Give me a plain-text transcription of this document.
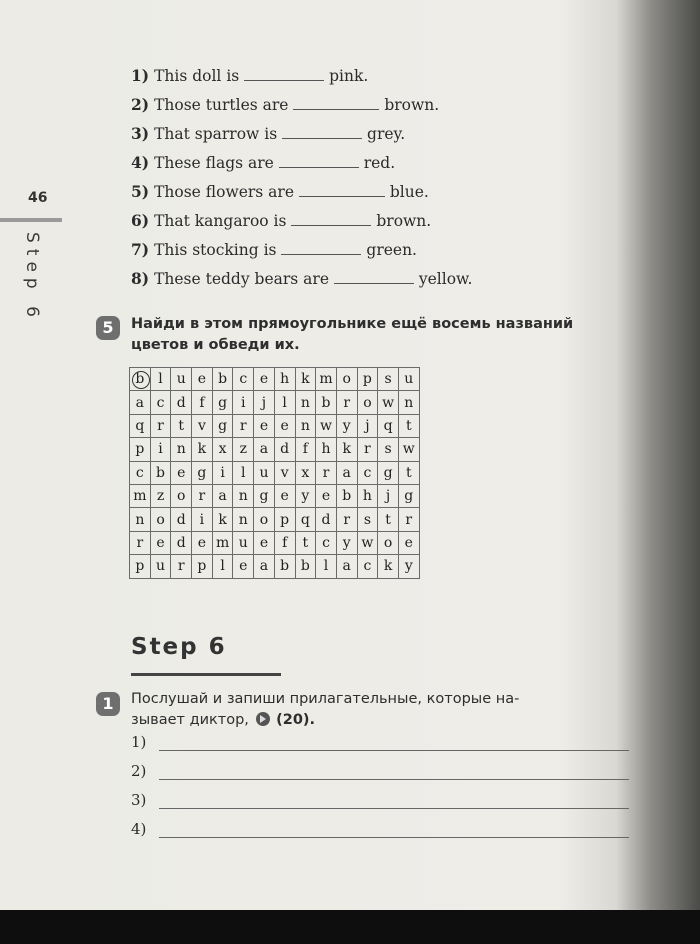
46
Step 6
1) This doll is	pink.
2) Those turtles are	brown.
3) That sparrow is	grey.
4) These flags are	red.
5) Those flowers are	blue.
6) That kangaroo is	brown.
7) This stocking is	green.
8) These teddy bears are	yellow.
5	Найди в этом прямоугольнике ещё восемь названий
цветов и обведи их.
b	l	u	e	b	c	e	h	k	m	o	p	s	u
a	c	d	f	g	i	j	l	n	b	r	o	w	n
q	r	t	v	g	r	e	e	n	w	y	j	q	t
p	i	n	k	x	z	a	d	f	h	k	r	s	w
c	b	e	g	i	l	u	v	x	r	a	c	g	t
m	z	o	r	a	n	g	e	y	e	b	h	j	g
n	o	d	i	k	n	o	p	q	d	r	s	t	r
r	e	d	e	m	u	e	f	t	c	y	w	o	e
p	u	r	p	l	e	a	b	b	l	a	c	k	y
Step 6
1	Послушай и запиши прилагательные, которые на-
зывает диктор, (20).
1)
2)
3)
4)
